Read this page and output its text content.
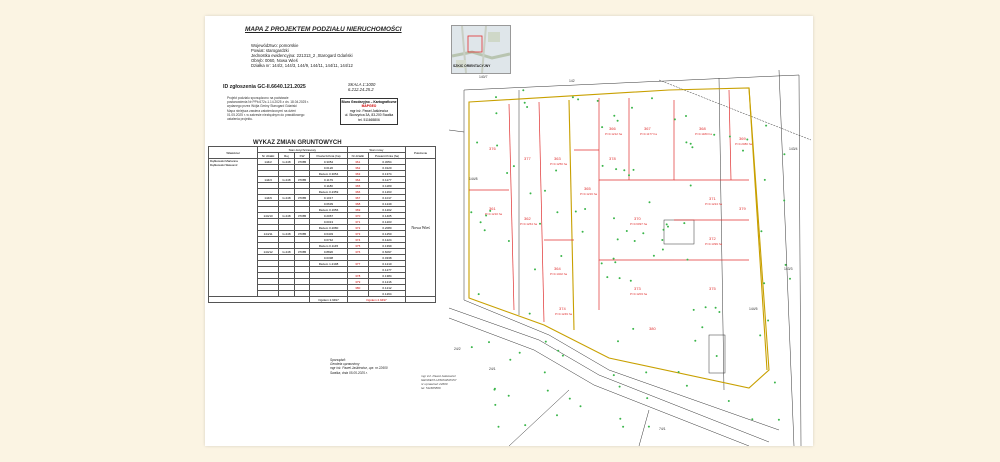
MAPA Z PROJEKTEM PODZIAŁU NIERUCHOMOŚCI
Województwo: pomorskie
Powiat: starogardzki
Jednostka ewidencyjna: 221313_2 ,Starogard Gdański
Obręb: 0060, Nowa Wieś
Działka nr: 144/2, 144/3, 144/9, 144/11, 144/11, 144/12
ID zgłoszenia GC-II.6640.121.2025	SKALA 1:1000
6.212.24.25.2
Projekt podziału sporządzono na podstawie
postanowienia Nr PPb.672c-1.14.2025 z dn. 18.04.2025 r.
wydanego przez Wójta Gminy Starogard Gdański
Mapa niniejsza zawiera zatwierdzonymi na dzień
01.05.2025 r. w zakresie niezbędnym do prawidłowego
ustalenia projektu.
Biuro Geodezyjno – Kartograficzne
MAPGEO
mgr inż. Paweł Jaśkiewicz
ul. Skorzyńca 3A, 83-200 Swałka
tel. 511665806
SZKIC ORIENTACYJNY
WYKAZ ZMIAN GRUNTOWYCH
Właściciel	Stan dotychczasowy				Stan nowy		Położenie
	Nr działki	Rej	KW	Powierzchnia (ha)	Nr działki	Powierzchnia (ha)	
Dąbkowski Marianna
Dąbkowski Sławomir	144/2	G.248	37085	0.3054	361	0.3054	Nowa Wieś
				0.0120	362	0.0120	
				Razem 0.3054	363	0.1374	
	144/3	G.248	37085	0.1179	364	0.1177	
				0.1180	365	0.1180	
				Razem 0.2359	366	0.1263	
	144/9	G.248	37085	0.1017	367	0.1017	
				0.0639	368	0.1249	
				Razem 0.1656	369	0.1202	
	144/10	G.248	37085	0.2067	370	0.1405	
				0.0013	371	0.1203	
				Razem 0.2080	372	0.2080	
	144/11	G.248	37085	0.6403	373	0.1250	
				0.0742	374	0.1224	
				Razem 0.1145	375	0.1399	
	144/12	G.248	37085	0.8820	376	0.6097	
				0.0338		0.0338	
				Razem 1.2198	377	0.1210	
						0.1277	
					378	0.1384	
					379	0.1216	
					380	0.1212	
						0.1264	
				Ogółem 2.9497	Ogółem 2.9497		
Sporządził:
Geodeta uprawniony
mgr inż. Paweł Jaśkiewicz, upr. nr 22600
Swałka, dnia 05.05.2025 r.
mgr inż. Paweł Jaśkiewicz
GEODETA UPRAWNIONY
nr uprawnień 22600
tel. 511665806
361
362
363
364
365
366	367	368
369
370
371
372
373
374
375
376
377	378
379
380
P=0.1210 ha
P=0.1264 ha
P=0.1250 ha
P=0.1402 ha
P=0.1216 ha
P=0.1212 ha	P=0.1177 ha	P=0.1180 ha
P=0.2080 ha
P=0.6097 ha
P=0.1224 ha
P=0.1399 ha
P=0.1203 ha
P=0.1249 ha
140/7
144/8
24/2
24/1
74/1
143/3
143/4
144/5
142
